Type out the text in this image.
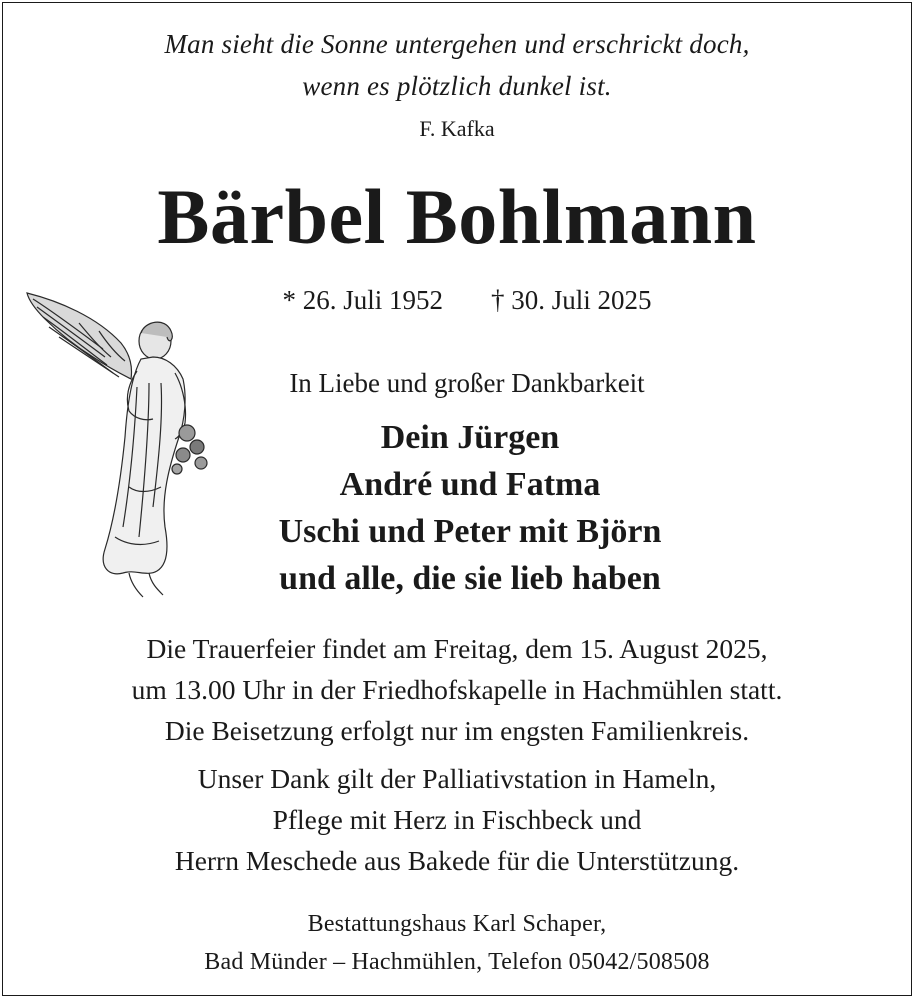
Man sieht die Sonne untergehen und erschrickt doch,
wenn es plötzlich dunkel ist.
F. Kafka
Bärbel Bohlmann
* 26. Juli 1952 † 30. Juli 2025
In Liebe und großer Dankbarkeit
Dein Jürgen
André und Fatma
Uschi und Peter mit Björn
und alle, die sie lieb haben
Die Trauerfeier findet am Freitag, dem 15. August 2025,
um 13.00 Uhr in der Friedhofskapelle in Hachmühlen statt.
Die Beisetzung erfolgt nur im engsten Familienkreis.
Unser Dank gilt der Palliativstation in Hameln,
Pflege mit Herz in Fischbeck und
Herrn Meschede aus Bakede für die Unterstützung.
Bestattungshaus Karl Schaper,
Bad Münder – Hachmühlen, Telefon 05042/508508
